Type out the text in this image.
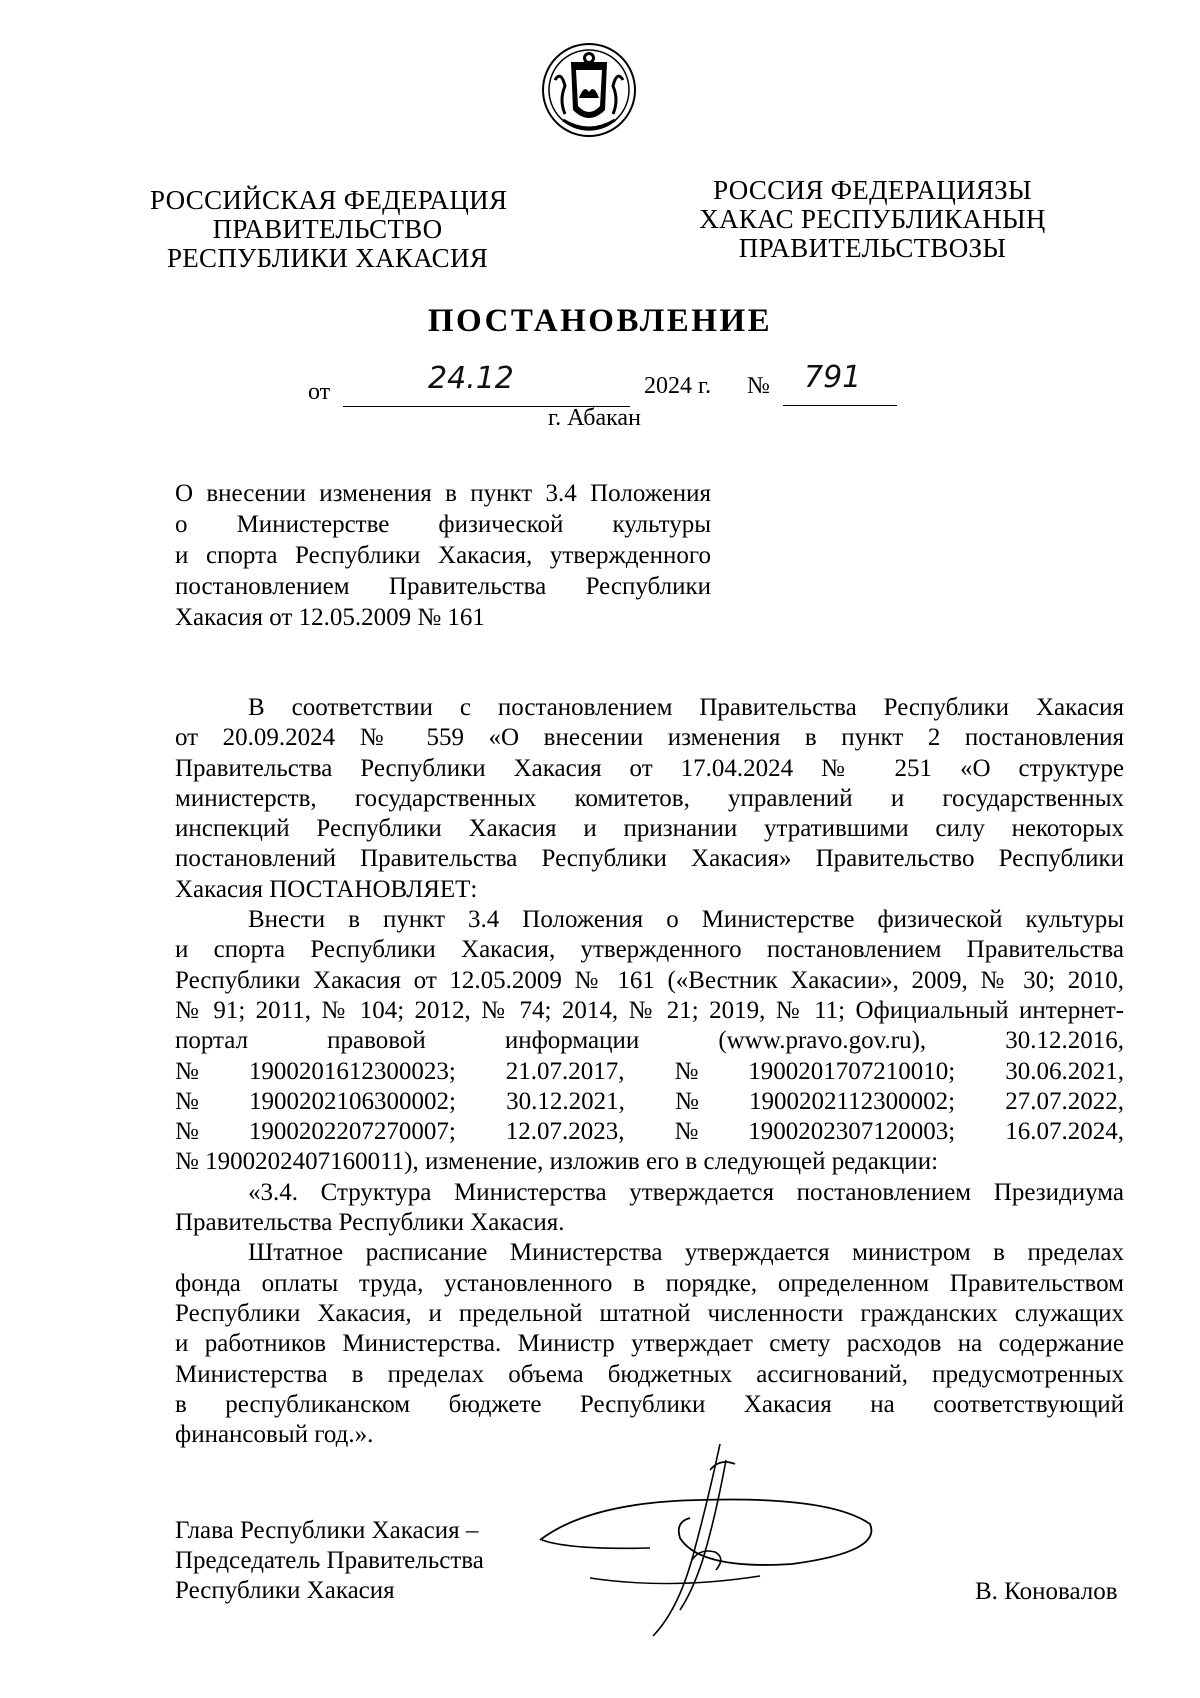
РОССИЙСКАЯ ФЕДЕРАЦИЯ
ПРАВИТЕЛЬСТВО
РЕСПУБЛИКИ ХАКАСИЯ
РОССИЯ ФЕДЕРАЦИЯЗЫ
ХАКАС РЕСПУБЛИКАНЫҢ
ПРАВИТЕЛЬСТВОЗЫ
ПОСТАНОВЛЕНИЕ
от	24.12	2024 г. № 791
г. Абакан
О внесении изменения в пункт 3.4 Положения
о Министерстве физической культуры
и спорта Республики Хакасия, утвержденного
постановлением Правительства Республики
Хакасия от 12.05.2009 № 161
В соответствии с постановлением Правительства Республики Хакасия
от 20.09.2024 № 559 «О внесении изменения в пункт 2 постановления
Правительства Республики Хакасия от 17.04.2024 № 251 «О структуре
министерств, государственных комитетов, управлений и государственных
инспекций Республики Хакасия и признании утратившими силу некоторых
постановлений Правительства Республики Хакасия» Правительство Республики
Хакасия ПОСТАНОВЛЯЕТ:
Внести в пункт 3.4 Положения о Министерстве физической культуры
и спорта Республики Хакасия, утвержденного постановлением Правительства
Республики Хакасия от 12.05.2009 № 161 («Вестник Хакасии», 2009, № 30; 2010,
№ 91; 2011, № 104; 2012, № 74; 2014, № 21; 2019, № 11; Официальный интернет-
портал	правовой	информации	(www.pravo.gov.ru),	30.12.2016,
№ 1900201612300023; 21.07.2017, № 1900201707210010; 30.06.2021,
№ 1900202106300002; 30.12.2021, № 1900202112300002; 27.07.2022,
№ 1900202207270007; 12.07.2023, № 1900202307120003; 16.07.2024,
№ 1900202407160011), изменение, изложив его в следующей редакции:
«3.4. Структура Министерства утверждается постановлением Президиума
Правительства Республики Хакасия.
Штатное расписание Министерства утверждается министром в пределах
фонда оплаты труда, установленного в порядке, определенном Правительством
Республики Хакасия, и предельной штатной численности гражданских служащих
и работников Министерства. Министр утверждает смету расходов на содержание
Министерства в пределах объема бюджетных ассигнований, предусмотренных
в республиканском бюджете Республики Хакасия на соответствующий
финансовый год.».
Глава Республики Хакасия –
Председатель Правительства
Республики Хакасия	В. Коновалов
